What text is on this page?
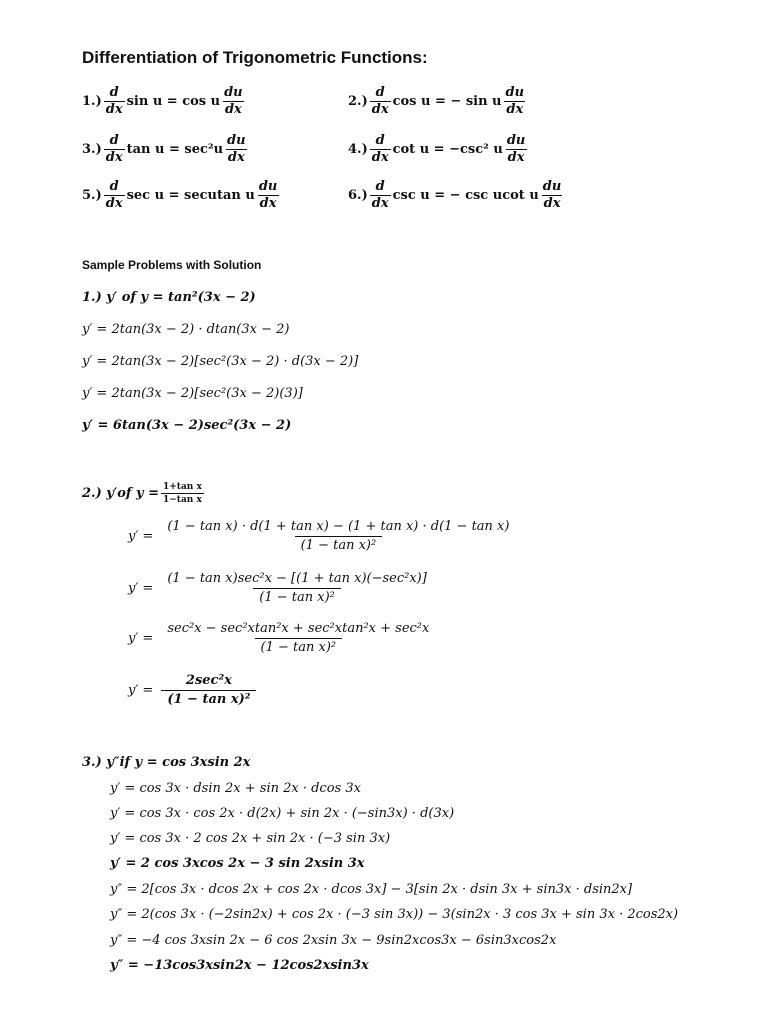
Differentiation of Trigonometric Functions:
$1.) \frac{d}{dx}$ sin u = cos u $\frac{du}{dx}$	$2.) \frac{d}{dx}$ cos u = − sin u $\frac{du}{dx}$
$3.) \frac{d}{dx}$ $\tan u = \sec^2u \frac{du}{dx}$	$4.) \frac{d}{dx}$ cot u = −csc² u $\frac{du}{dx}$
$5.) \frac{d}{dx}$ sec u = secutan u $\frac{du}{dx}$	$6.) \frac{d}{dx}$ csc u = − csc ucot u $\frac{du}{dx}$
Sample Problems with Solution
1.) y′ of y = tan²(3x − 2)
y′ = 2tan(3x − 2) · dtan(3x − 2)
y′ = 2tan(3x − 2)[sec²(3x − 2) · d(3x − 2)]
y′ = 2tan(3x − 2)[sec²(3x − 2)(3)]
y′ = 6tan(3x − 2)sec²(3x − 2)
2.) y′of $y = \frac{\text{1+tan x}}{\text{1−tan x}}$
$y' = \frac{\text{(1 − tan x) · d(1 + tan x) − (1 + tan x) · d(1 − tan x)}}{\text{(1 − tan x)²}}$
$y' = \frac{\text{(1 − tan x)sec²x − [(1 + tan x)(−sec²x)]}}{\text{(1 − tan x)²}}$
$y' = \frac{\text{sec²x − sec²xtan²x + sec²xtan²x + sec²x}}{\text{(1 − tan x)²}}$
$y' = \frac{\text{2sec²x}}{\text{(1 − tan x)²}}$
3.) y″if y = cos 3xsin 2x
y′ = cos 3x · dsin 2x + sin 2x · dcos 3x
y′ = cos 3x · cos 2x · d(2x) + sin 2x · (−sin3x) · d(3x)
y′ = cos 3x · 2 cos 2x + sin 2x · (−3 sin 3x)
y′ = 2 cos 3xcos 2x − 3 sin 2xsin 3x
y″ = 2[cos 3x · dcos 2x + cos 2x · dcos 3x] − 3[sin 2x · dsin 3x + sin3x · dsin2x]
y″ = 2(cos 3x · (−2sin2x) + cos 2x · (−3 sin 3x)) − 3(sin2x · 3 cos 3x + sin 3x · 2cos2x)
y″ = −4 cos 3xsin 2x − 6 cos 2xsin 3x − 9sin2xcos3x − 6sin3xcos2x
y″ = −13cos3xsin2x − 12cos2xsin3x
